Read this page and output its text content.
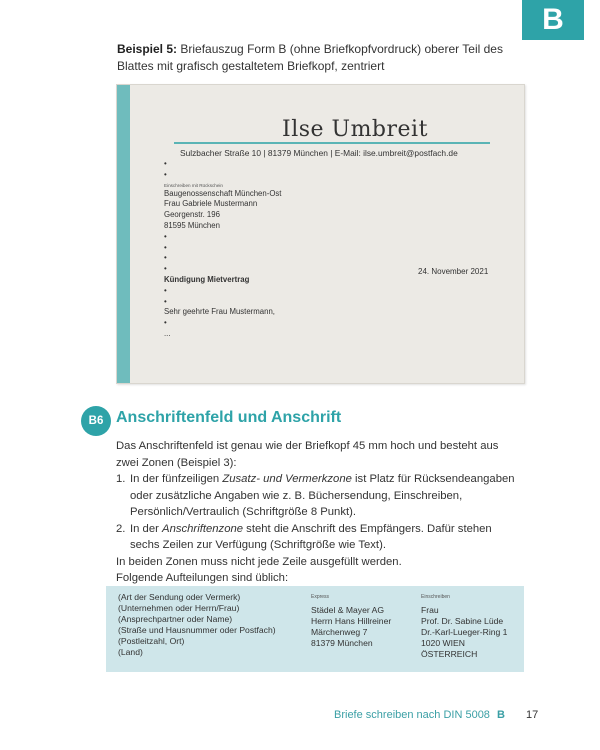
B
Beispiel 5: Briefauszug Form B (ohne Briefkopfvordruck) oberer Teil des Blattes mit grafisch gestaltetem Briefkopf, zentriert
Ilse Umbreit
Sulzbacher Straße 10 | 81379 München | E-Mail: ilse.umbreit@postfach.de
•
•
Einschreiben mit Rückschein
Baugenossenschaft München-Ost
Frau Gabriele Mustermann
Georgenstr. 196
81595 München
•
•
•
•
Kündigung Mietvertrag
•
•
Sehr geehrte Frau Mustermann,
•
...
24. November 2021
B6 Anschriftenfeld und Anschrift

Das Anschriftenfeld ist genau wie der Briefkopf 45 mm hoch und besteht aus zwei Zonen (Beispiel 3):

1. In der fünfzeiligen Zusatz- und Vermerkzone ist Platz für Rücksendeangaben oder zusätzliche Angaben wie z. B. Büchersendung, Einschreiben, Persönlich/Vertraulich (Schriftgröße 8 Punkt).
2. In der Anschriftenzone steht die Anschrift des Empfängers. Dafür stehen sechs Zeilen zur Verfügung (Schriftgröße wie Text).

In beiden Zonen muss nicht jede Zeile ausgefüllt werden.

Folgende Aufteilungen sind üblich:

(Art der Sendung oder Vermerk)
(Unternehmen oder Herrn/Frau)
(Ansprechpartner oder Name)
(Straße und Hausnummer oder Postfach)
(Postleitzahl, Ort)
(Land)
Express
Städel & Mayer AG
Herrn Hans Hillreiner
Märchenweg 7
81379 München
Einschreiben
Frau
Prof. Dr. Sabine Lüde
Dr.-Karl-Lueger-Ring 1
1020 WIEN
ÖSTERREICH
Briefe schreiben nach DIN 5008 B 17
